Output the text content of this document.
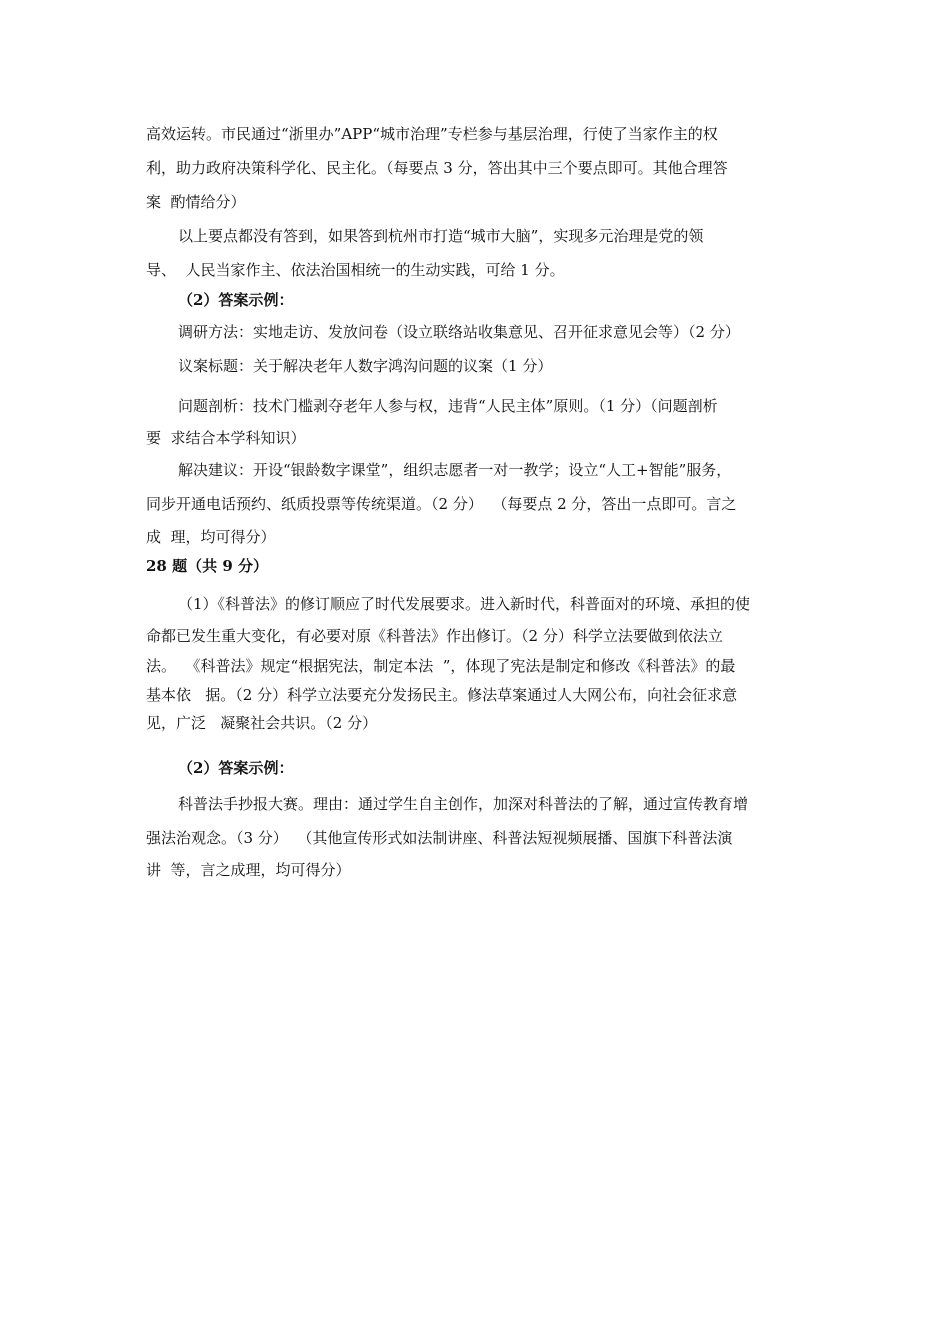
高效运转。市民通过“浙里办”APP“城市治理”专栏参与基层治理，行使了当家作主的权
利，助力政府决策科学化、民主化。（每要点 3 分，答出其中三个要点即可。其他合理答
案  酌情给分）
以上要点都没有答到，如果答到杭州市打造“城市大脑”，实现多元治理是党的领
导、  人民当家作主、依法治国相统一的生动实践，可给 1 分。
（2）答案示例：
调研方法：实地走访、发放问卷（设立联络站收集意见、召开征求意见会等）（2 分）
议案标题：关于解决老年人数字鸿沟问题的议案（1 分）
问题剖析：技术门槛剥夺老年人参与权，违背“人民主体”原则。（1 分）（问题剖析
要  求结合本学科知识）
解决建议：开设“银龄数字课堂”，组织志愿者一对一教学；设立“人工+智能”服务，
同步开通电话预约、纸质投票等传统渠道。（2 分）  （每要点 2 分，答出一点即可。言之
成  理，均可得分）
28 题（共 9 分）
（1）《科普法》的修订顺应了时代发展要求。进入新时代，科普面对的环境、承担的使
命都已发生重大变化，有必要对原《科普法》作出修订。（2 分）科学立法要做到依法立
法。  《科普法》规定“根据宪法，制定本法  ”，体现了宪法是制定和修改《科普法》的最
基本依   据。（2 分）科学立法要充分发扬民主。修法草案通过人大网公布，向社会征求意
见，广泛   凝聚社会共识。（2 分）
（2）答案示例：
科普法手抄报大赛。理由：通过学生自主创作，加深对科普法的了解，通过宣传教育增
强法治观念。（3 分）  （其他宣传形式如法制讲座、科普法短视频展播、国旗下科普法演
讲  等，言之成理，均可得分）
